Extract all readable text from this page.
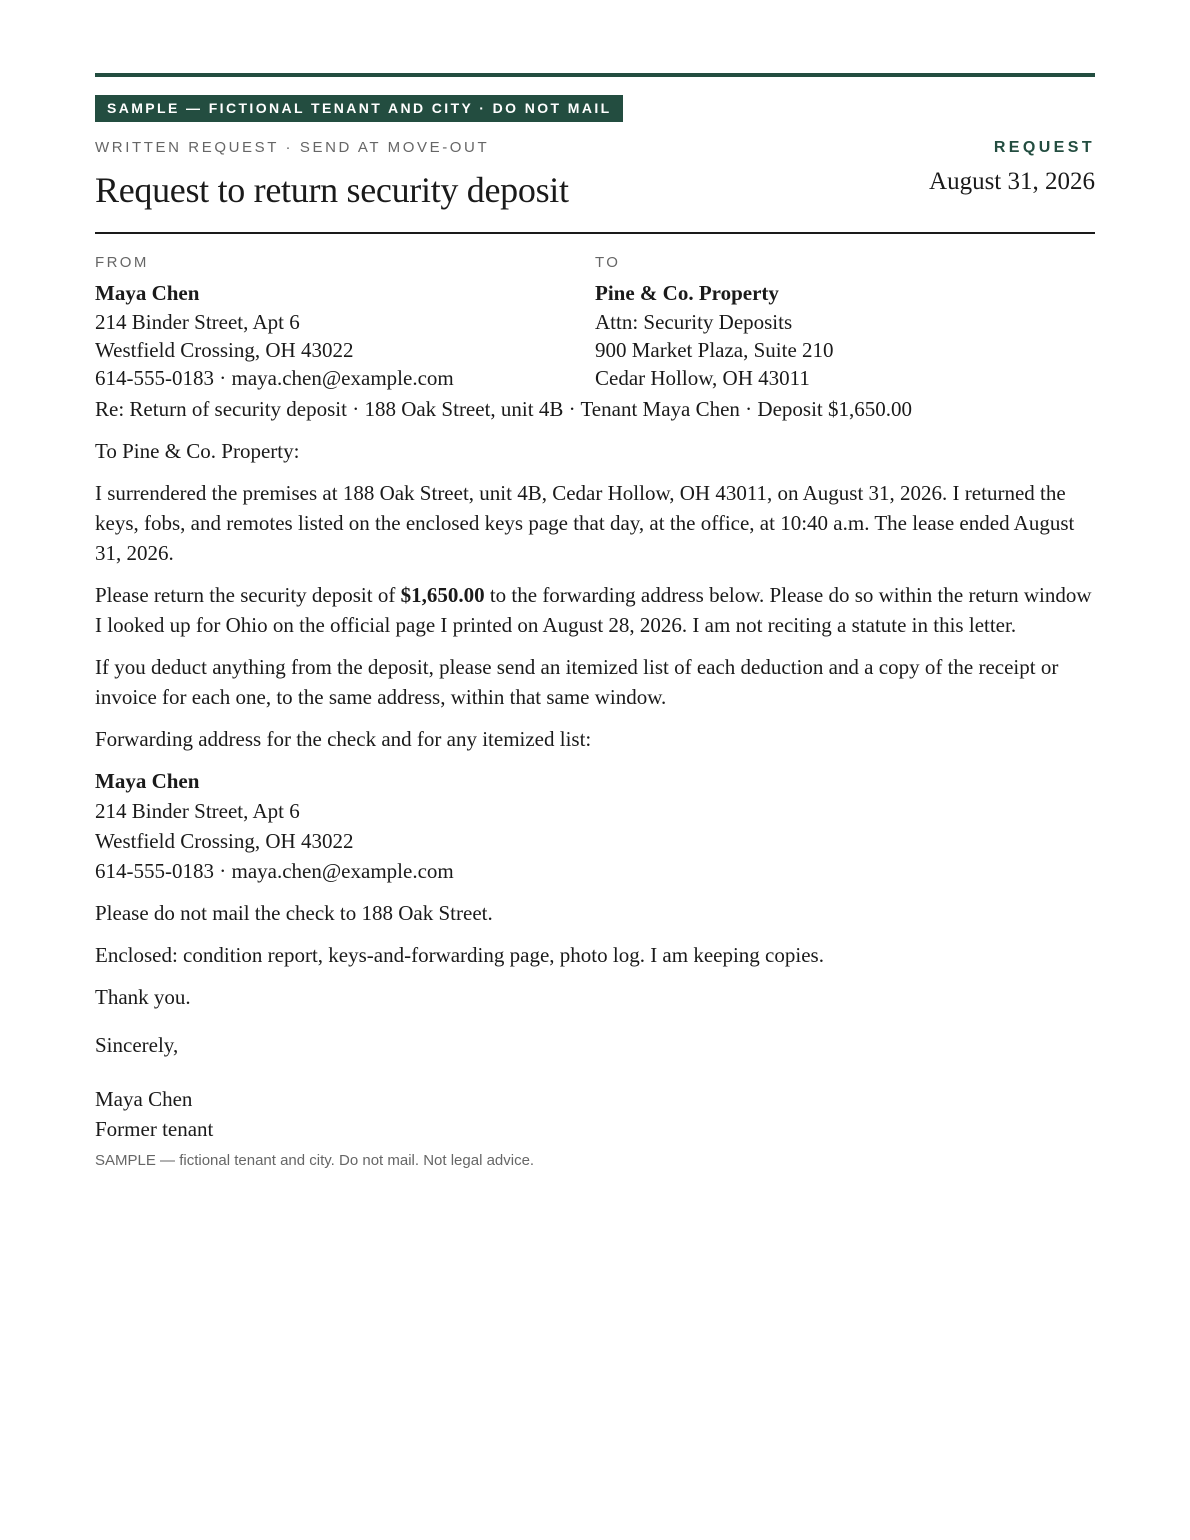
SAMPLE — FICTIONAL TENANT AND CITY · DO NOT MAIL
WRITTEN REQUEST · SEND AT MOVE-OUT
Request to return security deposit
REQUEST
August 31, 2026
FROM
Maya Chen
214 Binder Street, Apt 6
Westfield Crossing, OH 43022
614-555-0183 · maya.chen@example.com
TO
Pine & Co. Property
Attn: Security Deposits
900 Market Plaza, Suite 210
Cedar Hollow, OH 43011

Re: Return of security deposit · 188 Oak Street, unit 4B · Tenant Maya Chen · Deposit $1,650.00

To Pine & Co. Property:

I surrendered the premises at 188 Oak Street, unit 4B, Cedar Hollow, OH 43011, on August 31, 2026. I returned the keys, fobs, and remotes listed on the enclosed keys page that day, at the office, at 10:40 a.m. The lease ended August 31, 2026.

Please return the security deposit of $1,650.00 to the forwarding address below. Please do so within the return window I looked up for Ohio on the official page I printed on August 28, 2026. I am not reciting a statute in this letter.

If you deduct anything from the deposit, please send an itemized list of each deduction and a copy of the receipt or invoice for each one, to the same address, within that same window.

Forwarding address for the check and for any itemized list:

Maya Chen
214 Binder Street, Apt 6
Westfield Crossing, OH 43022
614-555-0183 · maya.chen@example.com

Please do not mail the check to 188 Oak Street.

Enclosed: condition report, keys-and-forwarding page, photo log. I am keeping copies.

Thank you.

Sincerely,

Maya Chen
Former tenant
SAMPLE — fictional tenant and city. Do not mail. Not legal advice.
